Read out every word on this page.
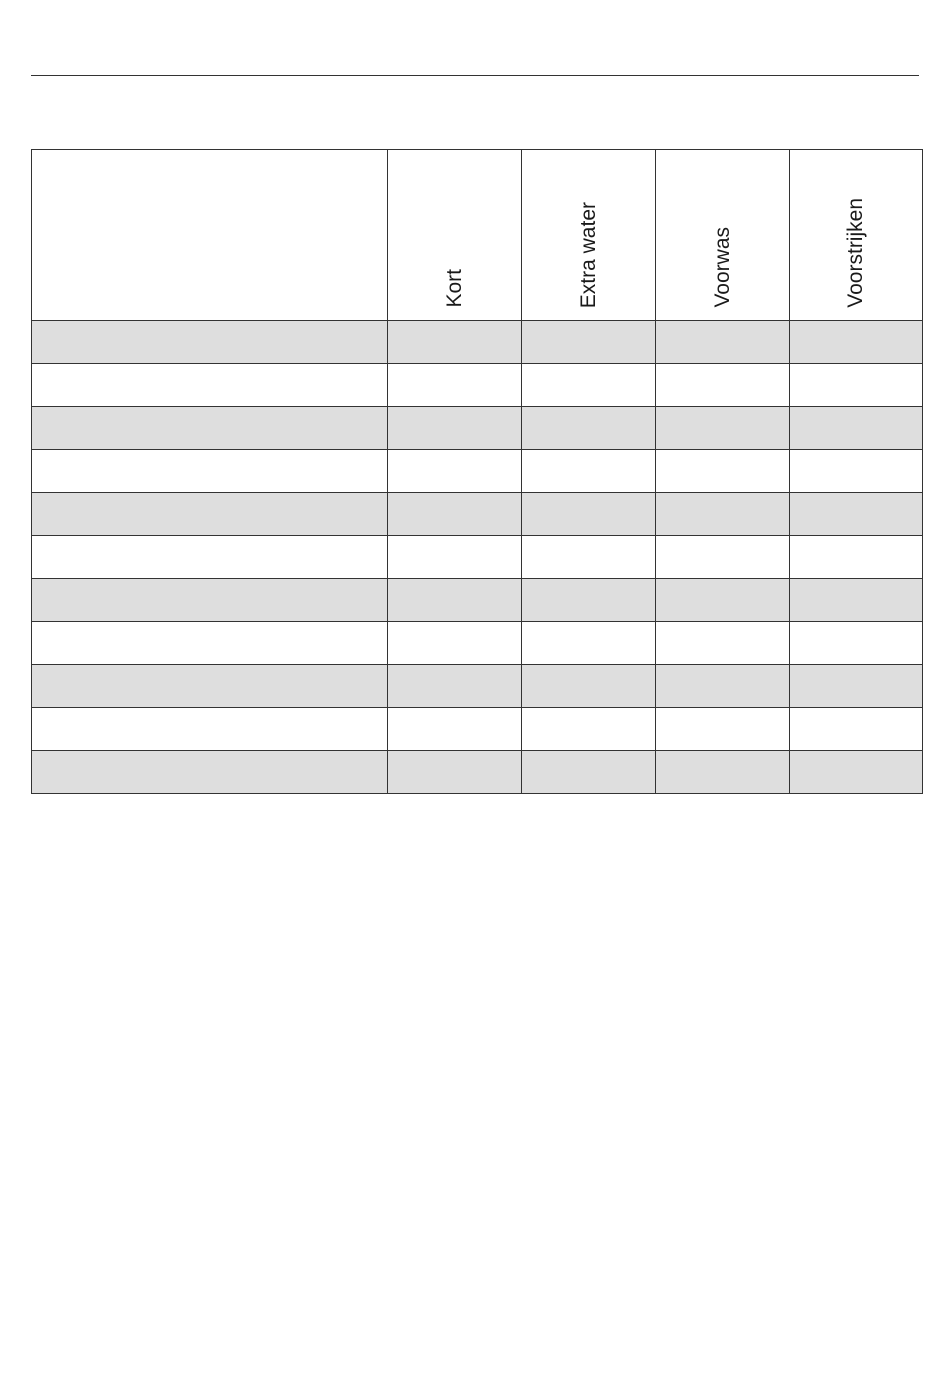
	Kort	Extra water	Voorwas	Voorstrijken
